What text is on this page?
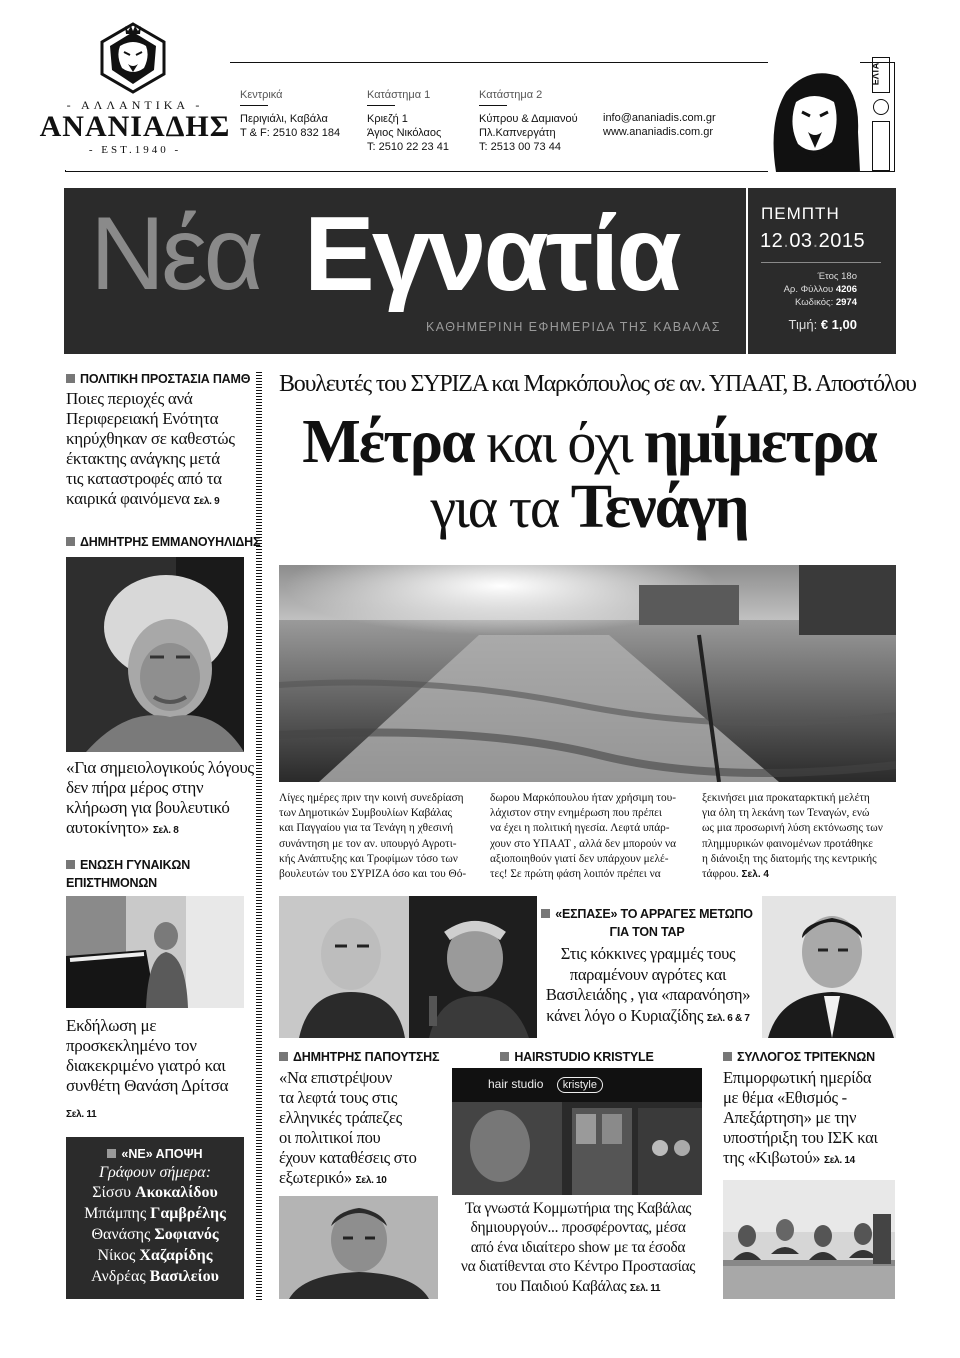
- ΑΛΛΑΝΤΙΚΑ -
ΑΝΑΝΙΑΔΗΣ
- EST.1940 -
Κεντρικά
Περιγιάλι, Καβάλα
T & F: 2510 832 184
Κατάστημα 1
Κριεζή 1
Άγιος Νικόλαος
T: 2510 22 23 41
Κατάστημα 2
Κύπρου & Δαμιανού
Πλ.Καπνεργάτη
T: 2513 00 73 44
info@ananiadis.com.gr
www.ananiadis.com.gr
ΕΛΤΑ
Νέα Εγνατία
ΚΑΘΗΜΕΡΙΝΗ ΕΦΗΜΕΡΙΔΑ ΤΗΣ ΚΑΒΑΛΑΣ
ΠΕΜΠΤΗ
12.03.2015
Έτος 18ο
Αρ. Φύλλου 4206
Κωδικός: 2974
Τιμή: € 1,00
ΠΟΛΙΤΙΚΗ ΠΡΟΣΤΑΣΙΑ ΠΑΜΘ
Ποιες περιοχές ανά
Περιφερειακή Ενότητα
κηρύχθηκαν σε καθεστώς
έκτακτης ανάγκης μετά
τις καταστροφές από τα
καιρικά φαινόμενα Σελ. 9
ΔΗΜΗΤΡΗΣ ΕΜΜΑΝΟΥΗΛΙΔΗΣ
«Για σημειολογικούς λόγους
δεν πήρα μέρος στην
κλήρωση για βουλευτικό
αυτοκίνητο» Σελ. 8
ΕΝΩΣΗ ΓΥΝΑΙΚΩΝ
ΕΠΙΣΤΗΜΟΝΩΝ
Εκδήλωση με
προσκεκλημένο τον
διακεκριμένο γιατρό και
συνθέτη Θανάση Δρίτσα
Σελ. 11
«ΝΕ» ΑΠΟΨΗ
Γράφουν σήμερα:
Σίσσυ Ακοκαλίδου
Μπάμπης Γαμβρέλης
Θανάσης Σοφιανός
Νίκος Χαζαρίδης
Ανδρέας Βασιλείου
Βουλευτές του ΣΥΡΙΖΑ και Μαρκόπουλος σε αν. ΥΠΑΑΤ, Β. Αποστόλου
Μέτρα και όχι ημίμετρα
για τα Τενάγη
Λίγες ημέρες πριν την κοινή συνεδρίαση
των Δημοτικών Συμβουλίων Καβάλας
και Παγγαίου για τα Τενάγη η χθεσινή
συνάντηση με τον αν. υπουργό Αγροτι-
κής Ανάπτυξης και Τροφίμων τόσο των
βουλευτών του ΣΥΡΙΖΑ όσο και του Θό-
δωρου Μαρκόπουλου ήταν χρήσιμη του-
λάχιστον στην ενημέρωση που πρέπει
να έχει η πολιτική ηγεσία. Λεφτά υπάρ-
χουν στο ΥΠΑΑΤ , αλλά δεν μπορούν να
αξιοποιηθούν γιατί δεν υπάρχουν μελέ-
τες! Σε πρώτη φάση λοιπόν πρέπει να
ξεκινήσει μια προκαταρκτική μελέτη
για όλη τη λεκάνη των Τεναγών, ενώ
ως μια προσωρινή λύση εκτόνωσης των
πλημμυρικών φαινομένων προτάθηκε
η διάνοιξη της διατομής της κεντρικής
τάφρου. Σελ. 4
«ΕΣΠΑΣΕ» ΤΟ ΑΡΡΑΓΕΣ ΜΕΤΩΠΟ
ΓΙΑ ΤΟΝ ΤΑΡ
Στις κόκκινες γραμμές τους
παραμένουν αγρότες και
Βασιλειάδης , για «παρανόηση»
κάνει λόγο ο Κυριαζίδης Σελ. 6 & 7
ΔΗΜΗΤΡΗΣ ΠΑΠΟΥΤΣΗΣ
«Να επιστρέψουν
τα λεφτά τους στις
ελληνικές τράπεζες
οι πολιτικοί που
έχουν καταθέσεις στο
εξωτερικό» Σελ. 10
HAIRSTUDIO KRISTYLE
hair studio kristyle
Τα γνωστά Κομμωτήρια της Καβάλας
δημιουργούν... προσφέροντας, μέσα
από ένα ιδιαίτερο show με τα έσοδα
να διατίθενται στο Κέντρο Προστασίας
του Παιδιού Καβάλας Σελ. 11
ΣΥΛΛΟΓΟΣ ΤΡΙΤΕΚΝΩΝ
Επιμορφωτική ημερίδα
με θέμα «Εθισμός -
Απεξάρτηση» με την
υποστήριξη του ΙΣΚ και
της «Κιβωτού» Σελ. 14
